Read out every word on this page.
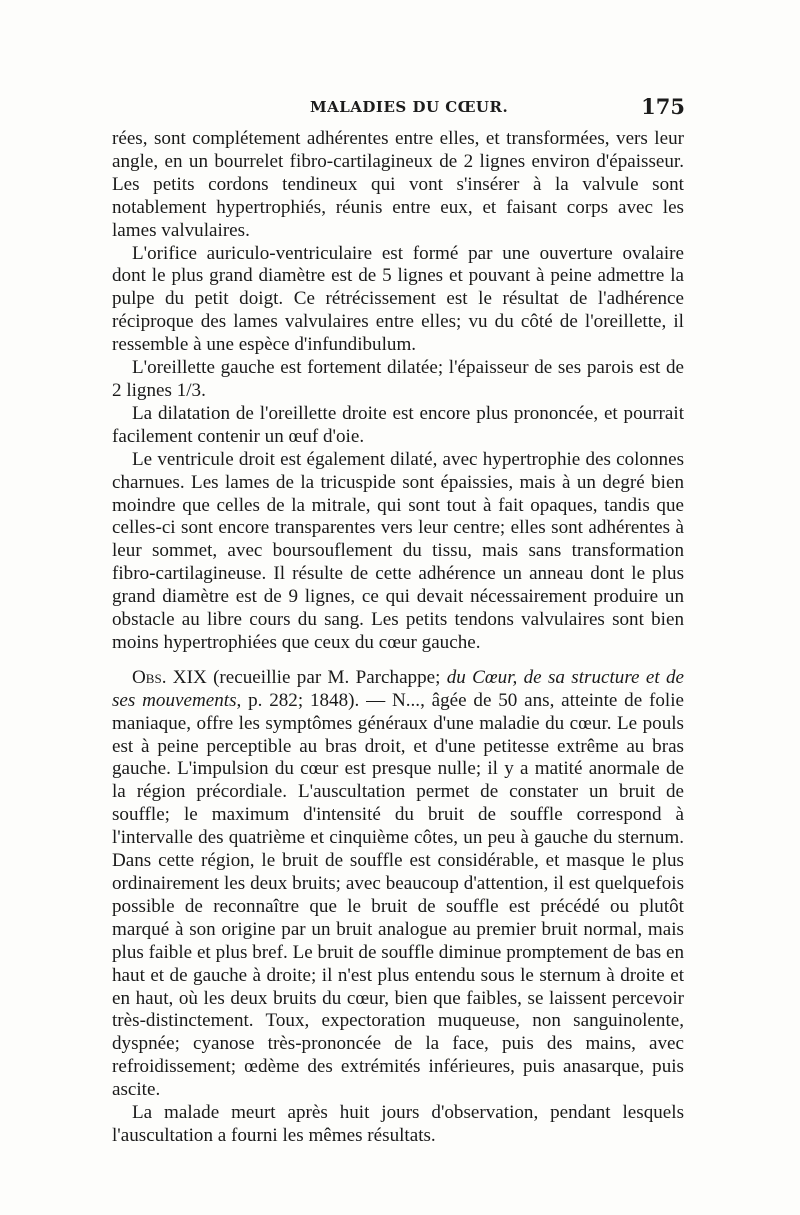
MALADIES DU CŒUR.	175

rées, sont complétement adhérentes entre elles, et transformées, vers leur angle, en un bourrelet fibro-cartilagineux de 2 lignes environ d'épaisseur. Les petits cordons tendineux qui vont s'insérer à la valvule sont notablement hypertrophiés, réunis entre eux, et faisant corps avec les lames valvulaires.

L'orifice auriculo-ventriculaire est formé par une ouverture ovalaire dont le plus grand diamètre est de 5 lignes et pouvant à peine admettre la pulpe du petit doigt. Ce rétrécissement est le résultat de l'adhérence réciproque des lames valvulaires entre elles; vu du côté de l'oreillette, il ressemble à une espèce d'infundibulum.

L'oreillette gauche est fortement dilatée; l'épaisseur de ses parois est de 2 lignes 1/3.

La dilatation de l'oreillette droite est encore plus prononcée, et pourrait facilement contenir un œuf d'oie.

Le ventricule droit est également dilaté, avec hypertrophie des colonnes charnues. Les lames de la tricuspide sont épaissies, mais à un degré bien moindre que celles de la mitrale, qui sont tout à fait opaques, tandis que celles-ci sont encore transparentes vers leur centre; elles sont adhérentes à leur sommet, avec boursouflement du tissu, mais sans transformation fibro-cartilagineuse. Il résulte de cette adhérence un anneau dont le plus grand diamètre est de 9 lignes, ce qui devait nécessairement produire un obstacle au libre cours du sang. Les petits tendons valvulaires sont bien moins hypertrophiées que ceux du cœur gauche.

Obs. XIX (recueillie par M. Parchappe; du Cœur, de sa structure et de ses mouvements, p. 282; 1848). — N..., âgée de 50 ans, atteinte de folie maniaque, offre les symptômes généraux d'une maladie du cœur. Le pouls est à peine perceptible au bras droit, et d'une petitesse extrême au bras gauche. L'impulsion du cœur est presque nulle; il y a matité anormale de la région précordiale. L'auscultation permet de constater un bruit de souffle; le maximum d'intensité du bruit de souffle correspond à l'intervalle des quatrième et cinquième côtes, un peu à gauche du sternum. Dans cette région, le bruit de souffle est considérable, et masque le plus ordinairement les deux bruits; avec beaucoup d'attention, il est quelquefois possible de reconnaître que le bruit de souffle est précédé ou plutôt marqué à son origine par un bruit analogue au premier bruit normal, mais plus faible et plus bref. Le bruit de souffle diminue promptement de bas en haut et de gauche à droite; il n'est plus entendu sous le sternum à droite et en haut, où les deux bruits du cœur, bien que faibles, se laissent percevoir très-distinctement. Toux, expectoration muqueuse, non sanguinolente, dyspnée; cyanose très-prononcée de la face, puis des mains, avec refroidissement; œdème des extrémités inférieures, puis anasarque, puis ascite.

La malade meurt après huit jours d'observation, pendant lesquels l'auscultation a fourni les mêmes résultats.
